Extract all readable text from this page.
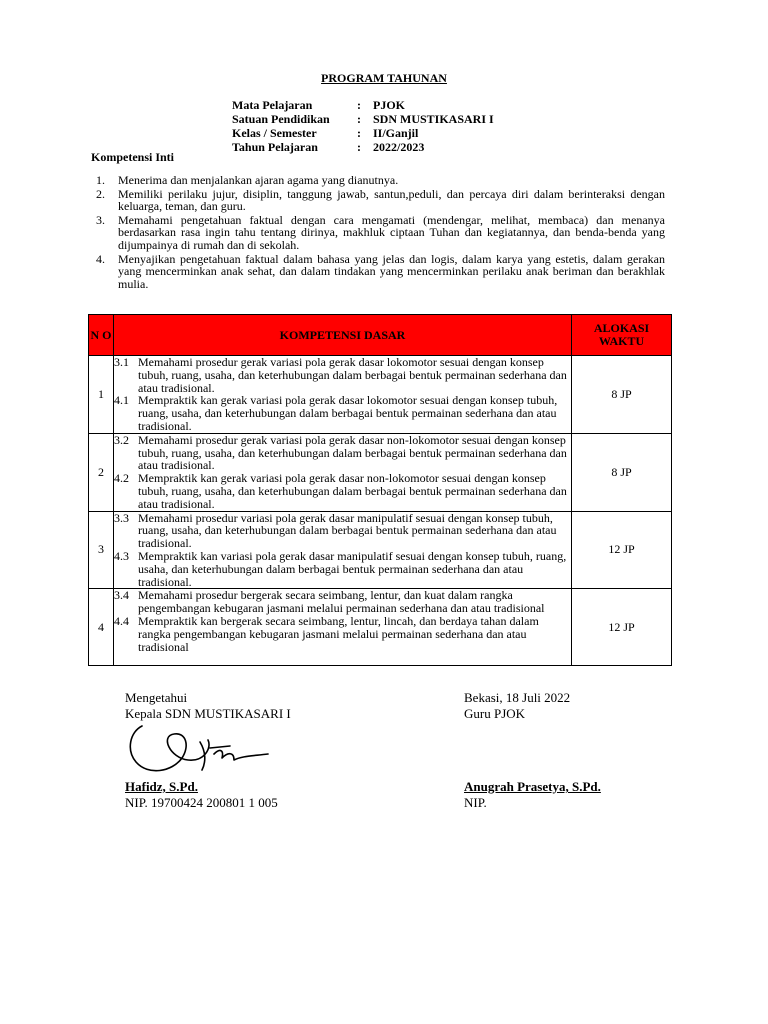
PROGRAM TAHUNAN
Mata Pelajaran	:	PJOK
Satuan Pendidikan	:	SDN MUSTIKASARI I
Kelas / Semester	:	II/Ganjil
Tahun Pelajaran	:	2022/2023
Kompetensi Inti
1. Menerima dan menjalankan ajaran agama yang dianutnya.
2. Memiliki perilaku jujur, disiplin, tanggung jawab, santun,peduli, dan percaya diri dalam berinteraksi dengan keluarga, teman, dan guru.
3. Memahami pengetahuan faktual dengan cara mengamati (mendengar, melihat, membaca) dan menanya berdasarkan rasa ingin tahu tentang dirinya, makhluk ciptaan Tuhan dan kegiatannya, dan benda-benda yang dijumpainya di rumah dan di sekolah.
4. Menyajikan pengetahuan faktual dalam bahasa yang jelas dan logis, dalam karya yang estetis, dalam gerakan yang mencerminkan anak sehat, dan dalam tindakan yang mencerminkan perilaku anak beriman dan berakhlak mulia.
N O	KOMPETENSI DASAR	ALOKASI WAKTU
1	3.1 Memahami prosedur gerak variasi pola gerak dasar lokomotor sesuai dengan konsep tubuh, ruang, usaha, dan keterhubungan dalam berbagai bentuk permainan sederhana dan atau tradisional.
4.1 Mempraktik kan gerak variasi pola gerak dasar lokomotor sesuai dengan konsep tubuh, ruang, usaha, dan keterhubungan dalam berbagai bentuk permainan sederhana dan atau tradisional.	8 JP
2	3.2 Memahami prosedur gerak variasi pola gerak dasar non-lokomotor sesuai dengan konsep tubuh, ruang, usaha, dan keterhubungan dalam berbagai bentuk permainan sederhana dan atau tradisional.
4.2 Mempraktik kan gerak variasi pola gerak dasar non-lokomotor sesuai dengan konsep tubuh, ruang, usaha, dan keterhubungan dalam berbagai bentuk permainan sederhana dan atau tradisional.	8 JP
3	3.3 Memahami prosedur variasi pola gerak dasar manipulatif sesuai dengan konsep tubuh, ruang, usaha, dan keterhubungan dalam berbagai bentuk permainan sederhana dan atau tradisional.
4.3 Mempraktik kan variasi pola gerak dasar manipulatif sesuai dengan konsep tubuh, ruang, usaha, dan keterhubungan dalam berbagai bentuk permainan sederhana dan atau tradisional.	12 JP
4	3.4 Memahami prosedur bergerak secara seimbang, lentur, dan kuat dalam rangka pengembangan kebugaran jasmani melalui permainan sederhana dan atau tradisional
4.4 Mempraktik kan bergerak secara seimbang, lentur, lincah, dan berdaya tahan dalam rangka pengembangan kebugaran jasmani melalui permainan sederhana dan atau tradisional	12 JP
Mengetahui
Kepala SDN MUSTIKASARI I
Hafidz, S.Pd.
NIP. 19700424 200801 1 005
Bekasi, 18 Juli 2022
Guru PJOK
Anugrah Prasetya, S.Pd.
NIP.
